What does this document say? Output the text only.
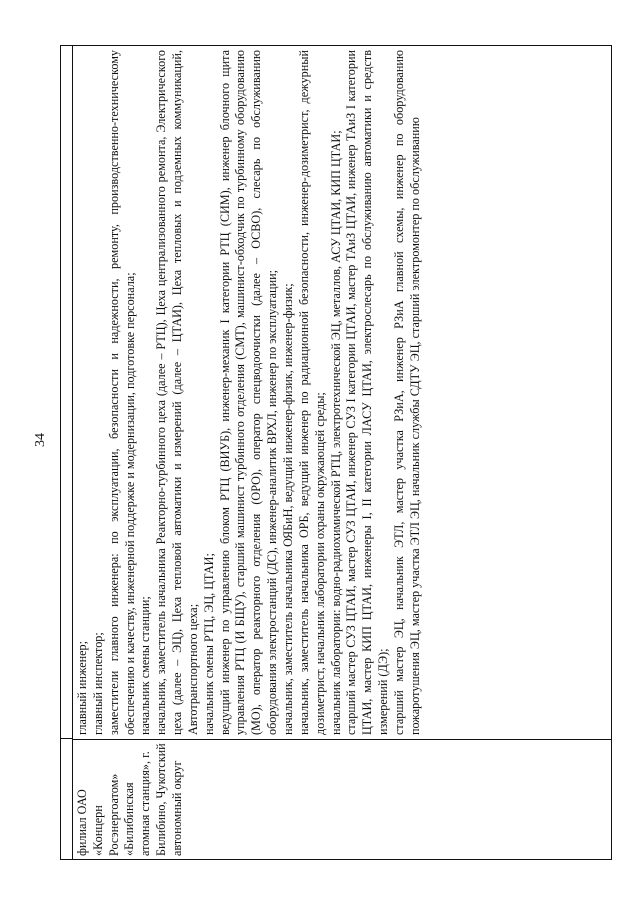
34
филиал ОАО «Концерн Росэнергоатом» «Билибинская атомная станция», г. Билибино, Чукотский автономный округ
главный инженер; главный инспектор; заместители главного инженера: по эксплуатации, безопасности и надежности, ремонту, производственно-техническому обеспечению и качеству, инженерной поддержке и модернизации, подготовке персонала; начальник смены станции; начальник, заместитель начальника Реакторно-турбинного цеха (далее – РТЦ), Цеха централизованного ремонта, Электрического цеха (далее – ЭЦ), Цеха тепловой автоматики и измерений (далее – ЦТАИ), Цеха тепловых и подземных коммуникаций, Автотранспортного цеха; начальник смены РТЦ, ЭЦ, ЦТАИ; ведущий инженер по управлению блоком РТЦ (ВИУБ), инженер-механик I категории РТЦ (СИМ), инженер блочного щита управления РТЦ (И БЩУ), старший машинист турбинного отделения (СМТ), машинист-обходчик по турбинному оборудованию (МО), оператор реакторного отделения (ОРО), оператор спецводоочистки (далее – ОСВО), слесарь по обслуживанию оборудования электростанций (ДС), инженер-аналитик ВРХЛ, инженер по эксплуатации; начальник, заместитель начальника ОЯБиН, ведущий инженер-физик, инженер-физик; начальник, заместитель начальника ОРБ, ведущий инженер по радиационной безопасности, инженер-дозиметрист, дежурный дозиметрист, начальник лаборатории охраны окружающей среды; начальник лаборатории: водно-радиохимической РТЦ, электротехнической ЭЦ, металлов, АСУ ЦТАИ, КИП ЦТАИ; старший мастер СУЗ ЦТАИ, мастер СУЗ ЦТАИ, инженер СУЗ I категории ЦТАИ, мастер ТАиЗ ЦТАИ, инженер ТАиЗ I категории ЦТАИ, мастер КИП ЦТАИ, инженеры I, II категории ЛАСУ ЦТАИ, электрослесарь по обслуживанию автоматики и средств измерений (ДЭ); старший мастер ЭЦ, начальник ЭТЛ, мастер участка РЗиА, инженер РЗиА главной схемы, инженер по оборудованию пожаротушения ЭЦ, мастер участка ЭТЛ ЭЦ, начальник службы СДТУ ЭЦ, старший электромонтер по обслуживанию
